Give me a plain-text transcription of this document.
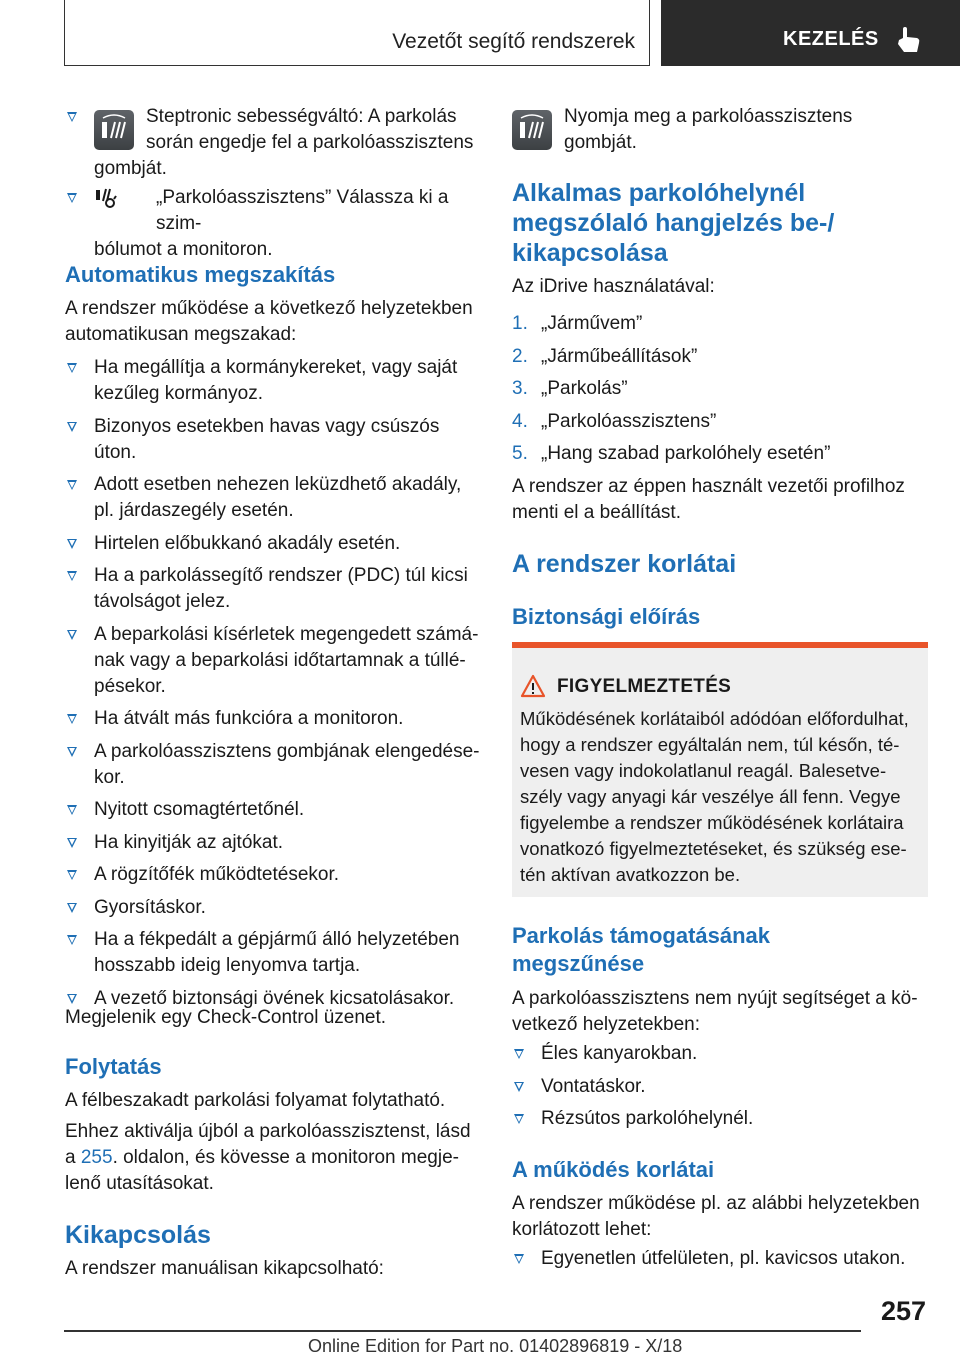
Vezetőt segítő rendszerek	KEZELÉS
Steptronic sebességváltó: A parkolás
során engedje fel a parkolóasszisztens
gombját.
„Parkolóasszisztens” Válassza ki a szim-
bólumot a monitoron.
Automatikus megszakítás
A rendszer működése a következő helyzetekben
automatikusan megszakad:
Ha megállítja a kormánykereket, vagy saját
kezűleg kormányoz.
Bizonyos esetekben havas vagy csúszós
úton.
Adott esetben nehezen leküzdhető akadály,
pl. járdaszegély esetén.
Hirtelen előbukkanó akadály esetén.
Ha a parkolássegítő rendszer (PDC) túl kicsi
távolságot jelez.
A beparkolási kísérletek megengedett számá-
nak vagy a beparkolási időtartamnak a túllé-
pésekor.
Ha átvált más funkcióra a monitoron.
A parkolóasszisztens gombjának elengedése-
kor.
Nyitott csomagtértetőnél.
Ha kinyitják az ajtókat.
A rögzítőfék működtetésekor.
Gyorsításkor.
Ha a fékpedált a gépjármű álló helyzetében
hosszabb ideig lenyomva tartja.
A vezető biztonsági övének kicsatolásakor.
Megjelenik egy Check-Control üzenet.
Folytatás
A félbeszakadt parkolási folyamat folytatható.
Ehhez aktiválja újból a parkolóasszisztenst, lásd
a 255. oldalon, és kövesse a monitoron megje-
lenő utasításokat.
Kikapcsolás
A rendszer manuálisan kikapcsolható:
Nyomja meg a parkolóasszisztens gombját.
Alkalmas parkolóhelynél
megszólaló hangjelzés be-/
kikapcsolása
Az iDrive használatával:
1. „Járművem”
2. „Járműbeállítások”
3. „Parkolás”
4. „Parkolóasszisztens”
5. „Hang szabad parkolóhely esetén”
A rendszer az éppen használt vezetői profilhoz
menti el a beállítást.
A rendszer korlátai
Biztonsági előírás
Parkolás támogatásának
megszűnése
A parkolóasszisztens nem nyújt segítséget a kö-
vetkező helyzetekben:
Éles kanyarokban.
Vontatáskor.
Rézsútos parkolóhelynél.
A működés korlátai
A rendszer működése pl. az alábbi helyzetekben
korlátozott lehet:
Egyenetlen útfelületen, pl. kavicsos utakon.
FIGYELMEZTETÉS
Működésének korlátaiból adódóan előfordulhat,
hogy a rendszer egyáltalán nem, túl későn, té-
vesen vagy indokolatlanul reagál. Balesetve-
szély vagy anyagi kár veszélye áll fenn. Vegye
figyelembe a rendszer működésének korlátaira
vonatkozó figyelmeztetéseket, és szükség ese-
tén aktívan avatkozzon be.
257
Online Edition for Part no. 01402896819 - X/18
